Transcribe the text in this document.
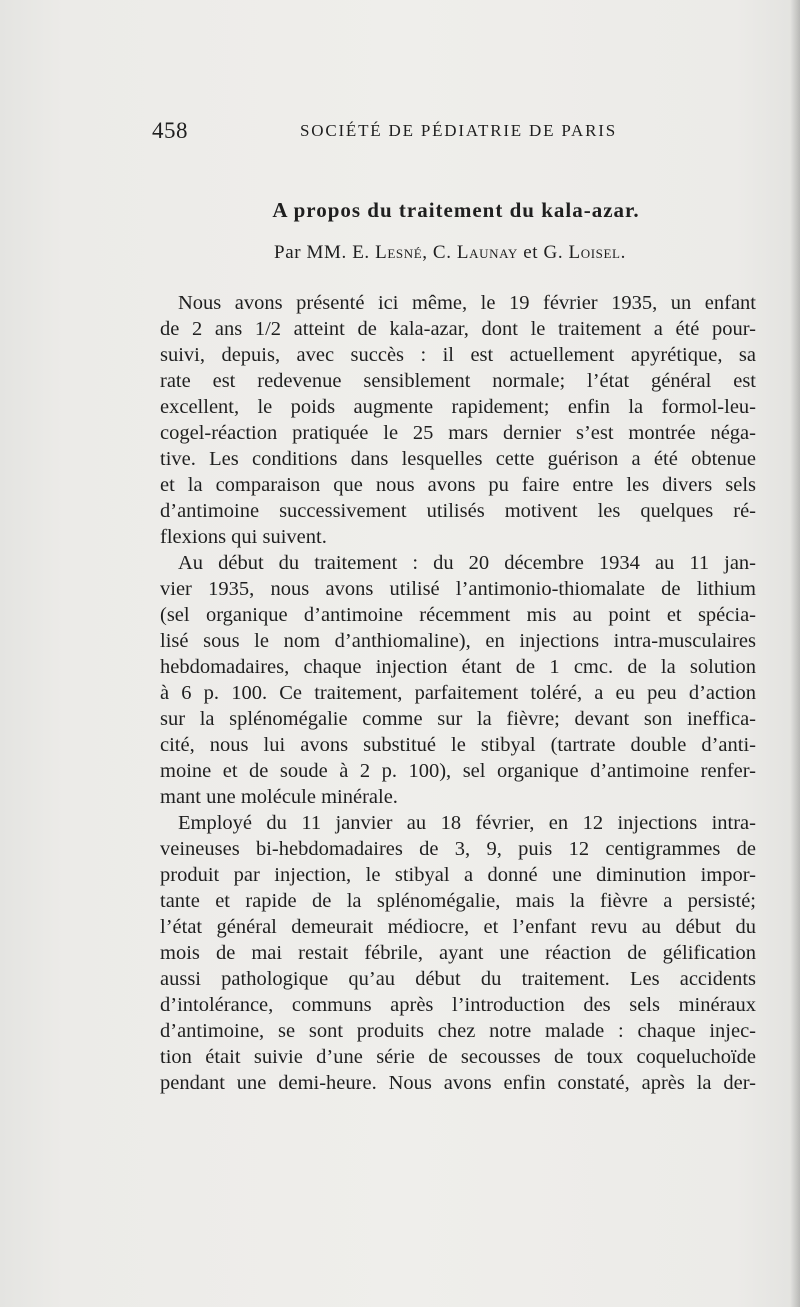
458	SOCIÉTÉ DE PÉDIATRIE DE PARIS
A propos du traitement du kala-azar.
Par MM. E. Lesné, C. Launay et G. Loisel.
Nous avons présenté ici même, le 19 février 1935, un enfant
de 2 ans 1/2 atteint de kala-azar, dont le traitement a été pour-
suivi, depuis, avec succès : il est actuellement apyrétique, sa
rate est redevenue sensiblement normale; l’état général est
excellent, le poids augmente rapidement; enfin la formol-leu-
cogel-réaction pratiquée le 25 mars dernier s’est montrée néga-
tive. Les conditions dans lesquelles cette guérison a été obtenue
et la comparaison que nous avons pu faire entre les divers sels
d’antimoine successivement utilisés motivent les quelques ré-
flexions qui suivent.
Au début du traitement : du 20 décembre 1934 au 11 jan-
vier 1935, nous avons utilisé l’antimonio-thiomalate de lithium
(sel organique d’antimoine récemment mis au point et spécia-
lisé sous le nom d’anthiomaline), en injections intra-musculaires
hebdomadaires, chaque injection étant de 1 cmc. de la solution
à 6 p. 100. Ce traitement, parfaitement toléré, a eu peu d’action
sur la splénomégalie comme sur la fièvre; devant son ineffica-
cité, nous lui avons substitué le stibyal (tartrate double d’anti-
moine et de soude à 2 p. 100), sel organique d’antimoine renfer-
mant une molécule minérale.
Employé du 11 janvier au 18 février, en 12 injections intra-
veineuses bi-hebdomadaires de 3, 9, puis 12 centigrammes de
produit par injection, le stibyal a donné une diminution impor-
tante et rapide de la splénomégalie, mais la fièvre a persisté;
l’état général demeurait médiocre, et l’enfant revu au début du
mois de mai restait fébrile, ayant une réaction de gélification
aussi pathologique qu’au début du traitement. Les accidents
d’intolérance, communs après l’introduction des sels minéraux
d’antimoine, se sont produits chez notre malade : chaque injec-
tion était suivie d’une série de secousses de toux coqueluchoïde
pendant une demi-heure. Nous avons enfin constaté, après la der-
